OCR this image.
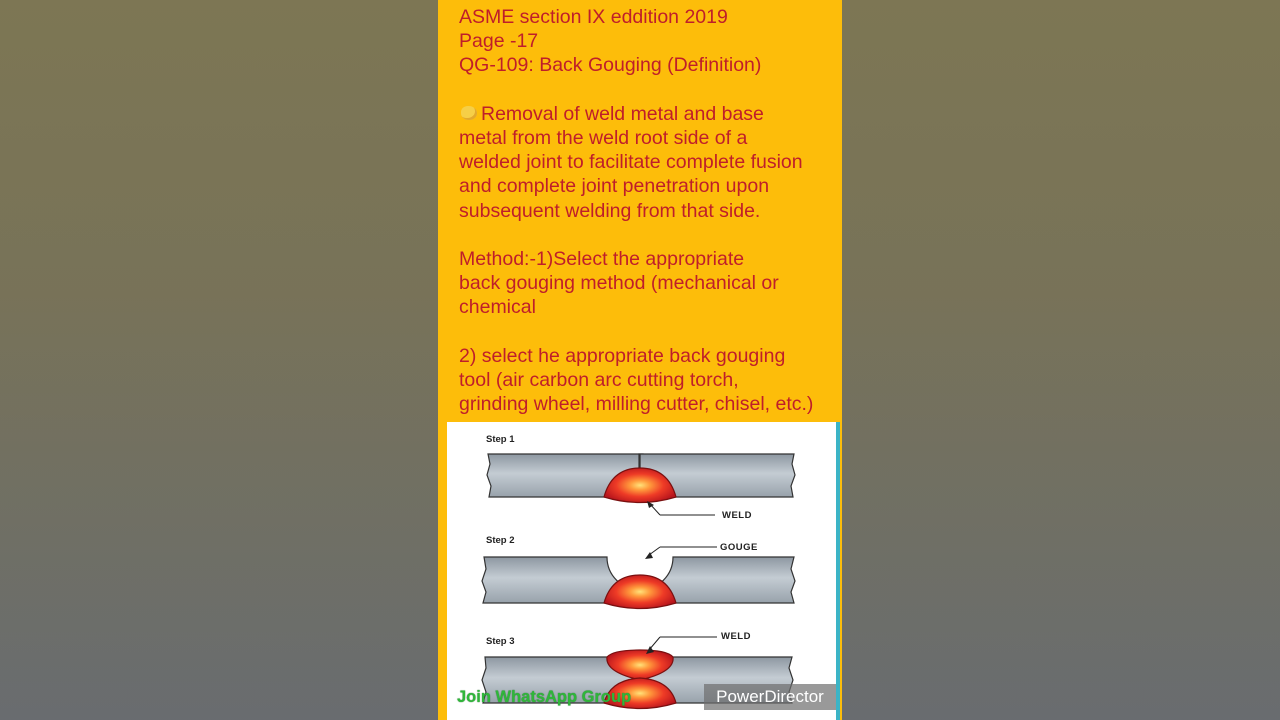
ASME section IX eddition 2019
Page -17
QG-109: Back Gouging (Definition)
Removal of weld metal and base
metal from the weld root side of a
welded joint to facilitate complete fusion
and complete joint penetration upon
subsequent welding from that side.
Method:-1)Select the appropriate
back gouging method (mechanical or
chemical
2) select he appropriate back gouging
tool (air carbon arc cutting torch,
grinding wheel, milling cutter, chisel, etc.)
Step 1
WELD
Step 2
GOUGE
Step 3	WELD
Join WhatsApp Group	PowerDirector
